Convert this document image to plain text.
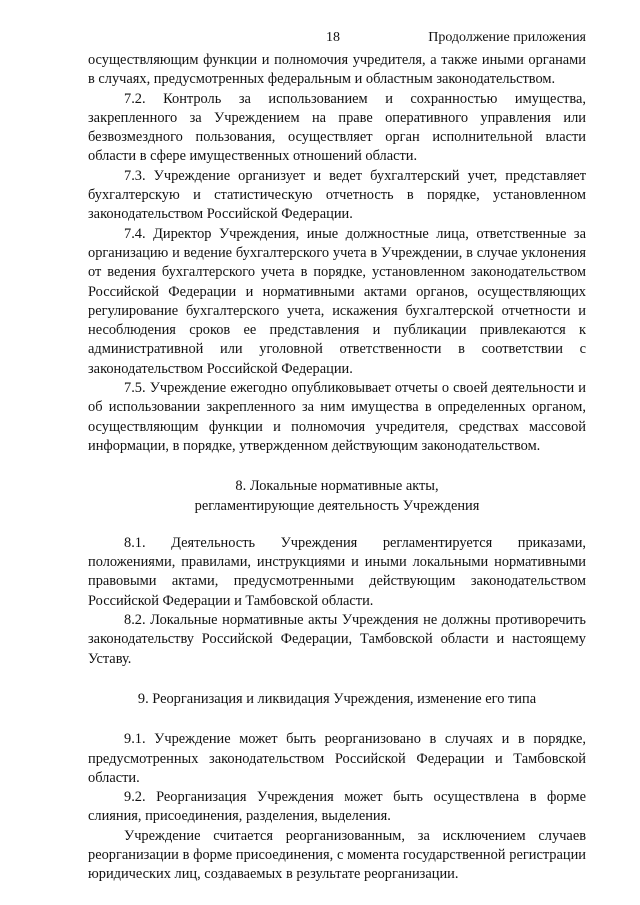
18	Продолжение приложения

осуществляющим функции и полномочия учредителя, а также иными органами в случаях, предусмотренных федеральным и областным законодательством.

7.2. Контроль за использованием и сохранностью имущества, закрепленного за Учреждением на праве оперативного управления или безвозмездного пользования, осуществляет орган исполнительной власти области в сфере имущественных отношений области.

7.3. Учреждение организует и ведет бухгалтерский учет, представляет бухгалтерскую и статистическую отчетность в порядке, установленном законодательством Российской Федерации.

7.4. Директор Учреждения, иные должностные лица, ответственные за организацию и ведение бухгалтерского учета в Учреждении, в случае уклонения от ведения бухгалтерского учета в порядке, установленном законодательством Российской Федерации и нормативными актами органов, осуществляющих регулирование бухгалтерского учета, искажения бухгалтерской отчетности и несоблюдения сроков ее представления и публикации привлекаются к административной или уголовной ответственности в соответствии с законодательством Российской Федерации.

7.5. Учреждение ежегодно опубликовывает отчеты о своей деятельности и об использовании закрепленного за ним имущества в определенных органом, осуществляющим функции и полномочия учредителя, средствах массовой информации, в порядке, утвержденном действующим законодательством.

8. Локальные нормативные акты,

регламентирующие деятельность Учреждения

8.1. Деятельность Учреждения регламентируется приказами, положениями, правилами, инструкциями и иными локальными нормативными правовыми актами, предусмотренными действующим законодательством Российской Федерации и Тамбовской области.

8.2. Локальные нормативные акты Учреждения не должны противоречить законодательству Российской Федерации, Тамбовской области и настоящему Уставу.

9. Реорганизация и ликвидация Учреждения, изменение его типа

9.1. Учреждение может быть реорганизовано в случаях и в порядке, предусмотренных законодательством Российской Федерации и Тамбовской области.

9.2. Реорганизация Учреждения может быть осуществлена в форме слияния, присоединения, разделения, выделения.

Учреждение считается реорганизованным, за исключением случаев реорганизации в форме присоединения, с момента государственной регистрации юридических лиц, создаваемых в результате реорганизации.
